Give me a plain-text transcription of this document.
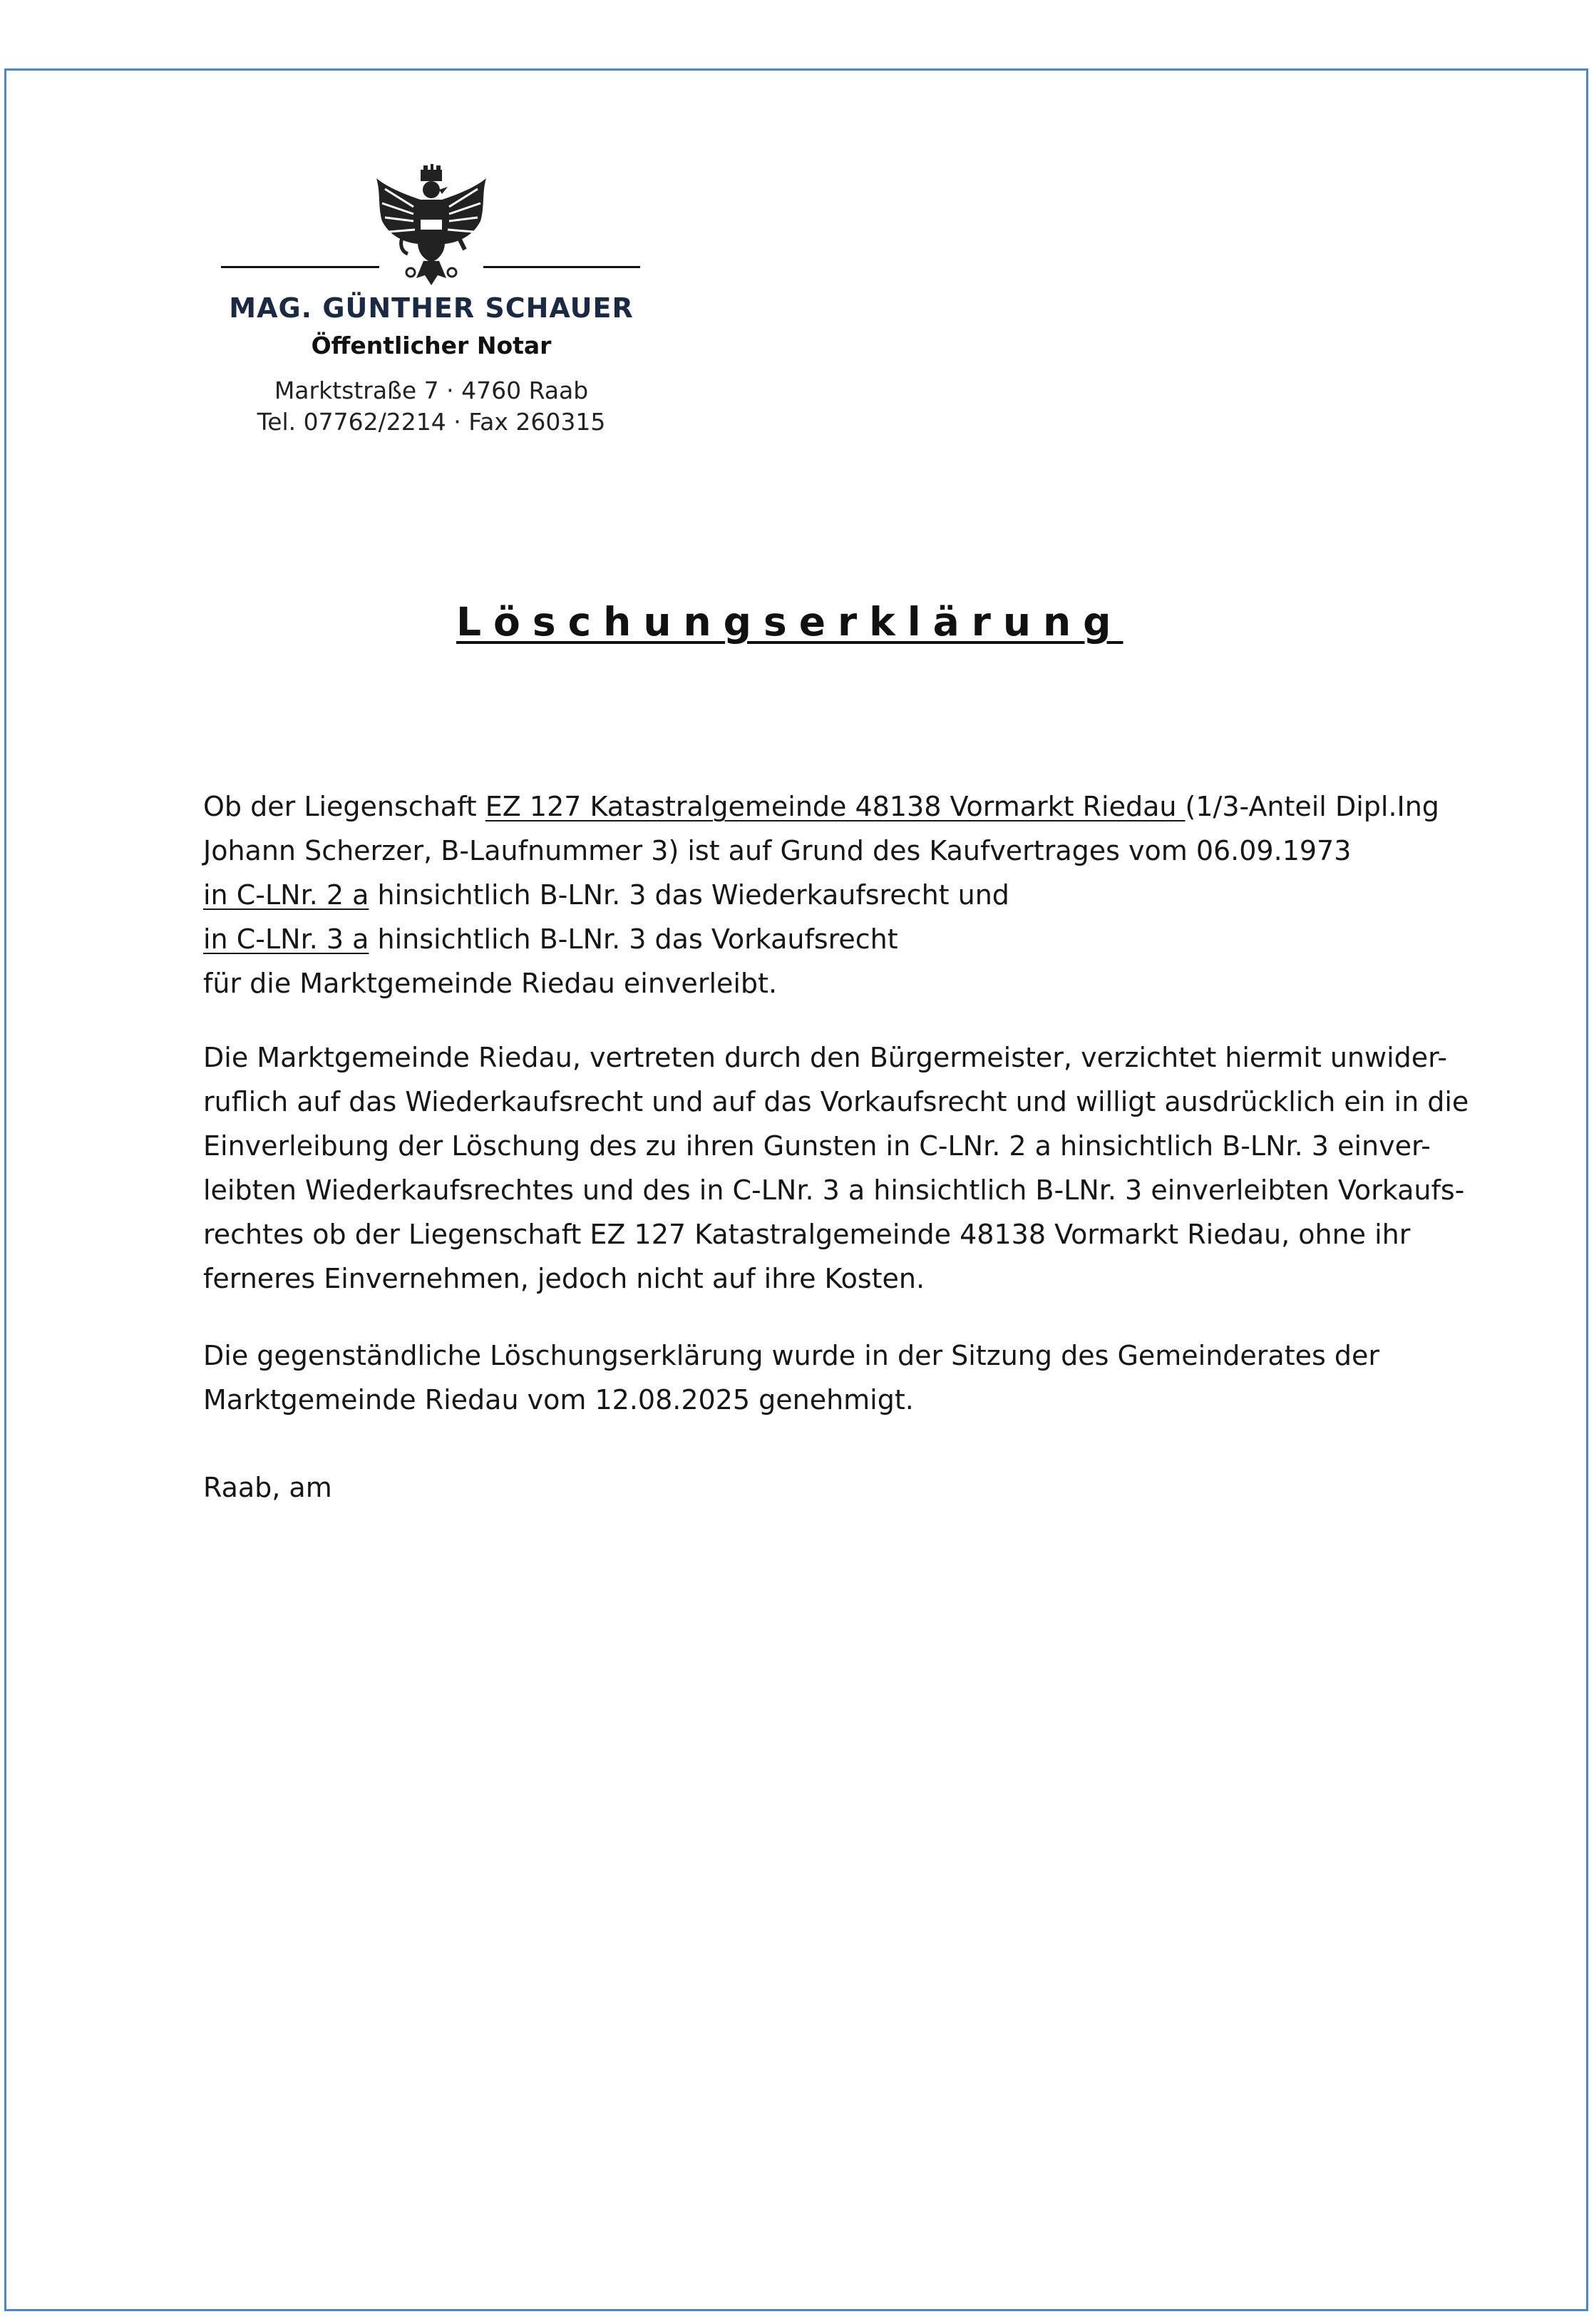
MAG. GÜNTHER SCHAUER
Öffentlicher Notar
Marktstraße 7 · 4760 Raab
Tel. 07762/2214 · Fax 260315
Löschungserklärung
Ob der Liegenschaft EZ 127 Katastralgemeinde 48138 Vormarkt Riedau (1/3-Anteil Dipl.Ing
Johann Scherzer, B-Laufnummer 3) ist auf Grund des Kaufvertrages vom 06.09.1973
in C-LNr. 2 a hinsichtlich B-LNr. 3 das Wiederkaufsrecht und
in C-LNr. 3 a hinsichtlich B-LNr. 3 das Vorkaufsrecht
für die Marktgemeinde Riedau einverleibt.
Die Marktgemeinde Riedau, vertreten durch den Bürgermeister, verzichtet hiermit unwider-
ruflich auf das Wiederkaufsrecht und auf das Vorkaufsrecht und willigt ausdrücklich ein in die
Einverleibung der Löschung des zu ihren Gunsten in C-LNr. 2 a hinsichtlich B-LNr. 3 einver-
leibten Wiederkaufsrechtes und des in C-LNr. 3 a hinsichtlich B-LNr. 3 einverleibten Vorkaufs-
rechtes ob der Liegenschaft EZ 127 Katastralgemeinde 48138 Vormarkt Riedau, ohne ihr
ferneres Einvernehmen, jedoch nicht auf ihre Kosten.
Die gegenständliche Löschungserklärung wurde in der Sitzung des Gemeinderates der
Marktgemeinde Riedau vom 12.08.2025 genehmigt.
Raab, am
